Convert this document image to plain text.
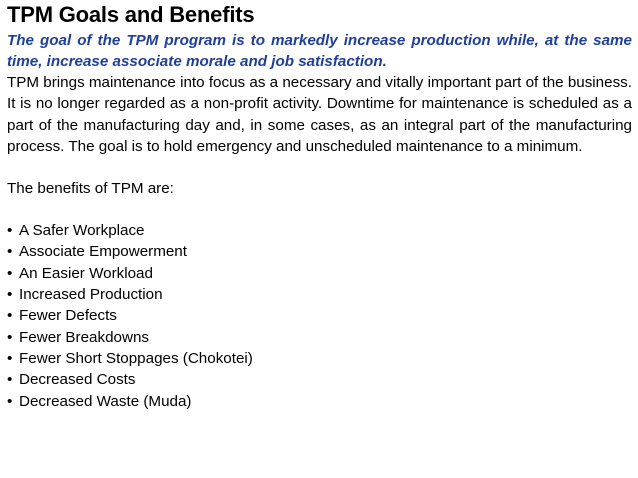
TPM Goals and Benefits

The goal of the TPM program is to markedly increase production while, at the same time, increase associate morale and job satisfaction.

TPM brings maintenance into focus as a necessary and vitally important part of the business. It is no longer regarded as a non-profit activity. Downtime for maintenance is scheduled as a part of the manufacturing day and, in some cases, as an integral part of the manufacturing process. The goal is to hold emergency and unscheduled maintenance to a minimum.

The benefits of TPM are:

• A Safer Workplace
• Associate Empowerment
• An Easier Workload
• Increased Production
• Fewer Defects
• Fewer Breakdowns
• Fewer Short Stoppages (Chokotei)
• Decreased Costs
• Decreased Waste (Muda)
